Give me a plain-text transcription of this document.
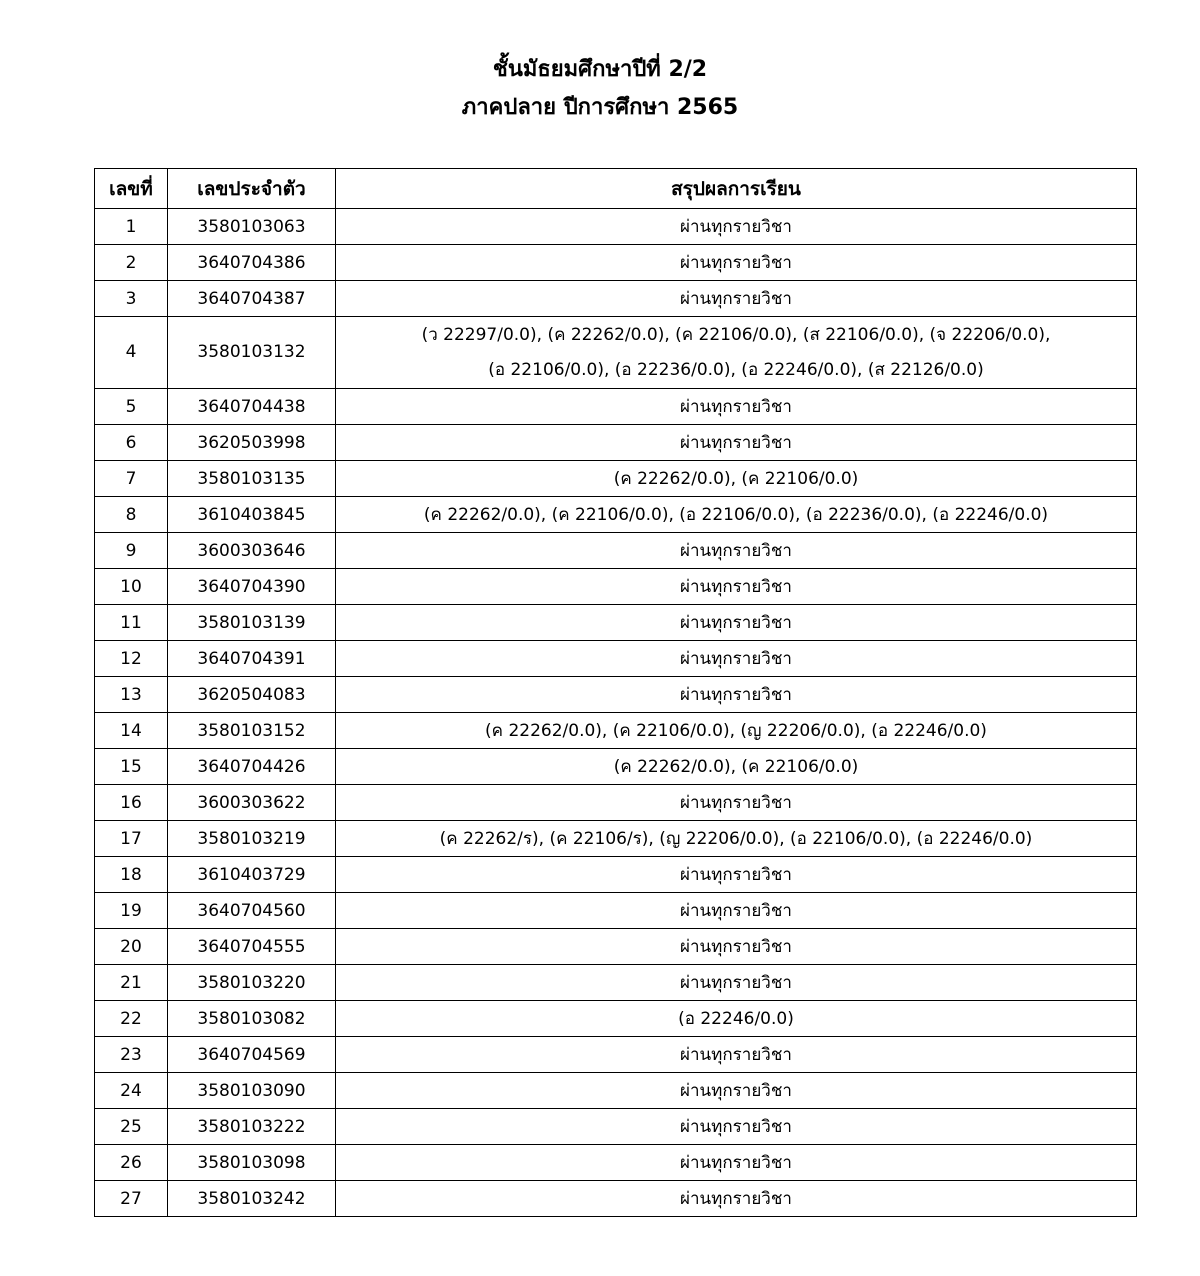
ชั้นมัธยมศึกษาปีที่ 2/2
ภาคปลาย ปีการศึกษา 2565
เลขที่	เลขประจำตัว	สรุปผลการเรียน
1	3580103063	ผ่านทุกรายวิชา
2	3640704386	ผ่านทุกรายวิชา
3	3640704387	ผ่านทุกรายวิชา
4	3580103132	(ว 22297/0.0), (ค 22262/0.0), (ค 22106/0.0), (ส 22106/0.0), (จ 22206/0.0),
(อ 22106/0.0), (อ 22236/0.0), (อ 22246/0.0), (ส 22126/0.0)

5	3640704438	ผ่านทุกรายวิชา
6	3620503998	ผ่านทุกรายวิชา
7	3580103135	(ค 22262/0.0), (ค 22106/0.0)
8	3610403845	(ค 22262/0.0), (ค 22106/0.0), (อ 22106/0.0), (อ 22236/0.0), (อ 22246/0.0)
9	3600303646	ผ่านทุกรายวิชา
10	3640704390	ผ่านทุกรายวิชา
11	3580103139	ผ่านทุกรายวิชา
12	3640704391	ผ่านทุกรายวิชา
13	3620504083	ผ่านทุกรายวิชา
14	3580103152	(ค 22262/0.0), (ค 22106/0.0), (ญ 22206/0.0), (อ 22246/0.0)
15	3640704426	(ค 22262/0.0), (ค 22106/0.0)
16	3600303622	ผ่านทุกรายวิชา
17	3580103219	(ค 22262/ร), (ค 22106/ร), (ญ 22206/0.0), (อ 22106/0.0), (อ 22246/0.0)
18	3610403729	ผ่านทุกรายวิชา
19	3640704560	ผ่านทุกรายวิชา
20	3640704555	ผ่านทุกรายวิชา
21	3580103220	ผ่านทุกรายวิชา
22	3580103082	(อ 22246/0.0)
23	3640704569	ผ่านทุกรายวิชา
24	3580103090	ผ่านทุกรายวิชา
25	3580103222	ผ่านทุกรายวิชา
26	3580103098	ผ่านทุกรายวิชา
27	3580103242	ผ่านทุกรายวิชา
